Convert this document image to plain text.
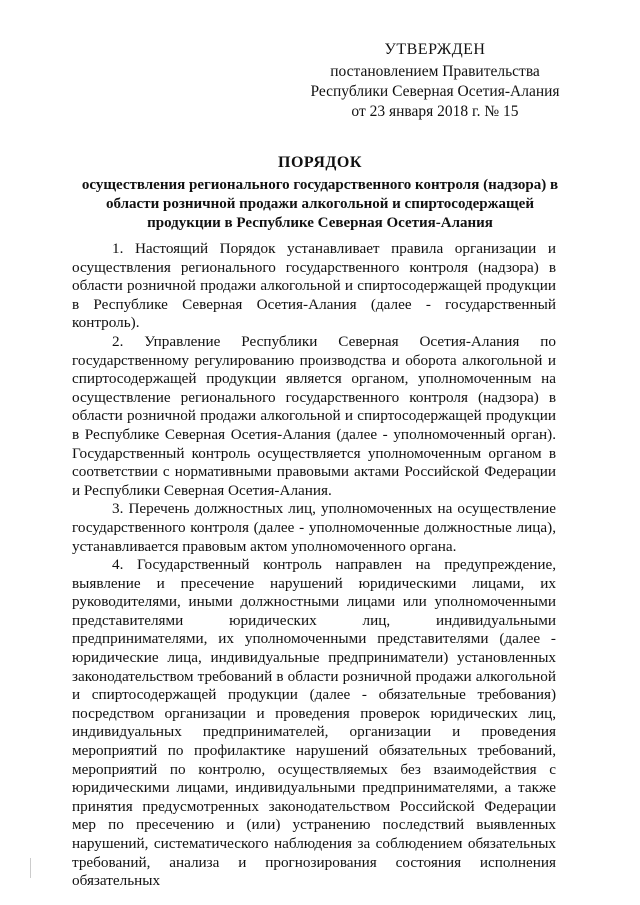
УТВЕРЖДЕН
постановлением Правительства
Республики Северная Осетия-Алания
от 23 января 2018 г. № 15
ПОРЯДОК
осуществления регионального государственного контроля (надзора) в области розничной продажи алкогольной и спиртосодержащей продукции в Республике Северная Осетия-Алания

1. Настоящий Порядок устанавливает правила организации и осуществления регионального государственного контроля (надзора) в области розничной продажи алкогольной и спиртосодержащей продукции в Республике Северная Осетия-Алания (далее - государственный контроль).

2. Управление Республики Северная Осетия-Алания по государственному регулированию производства и оборота алкогольной и спиртосодержащей продукции является органом, уполномоченным на осуществление регионального государственного контроля (надзора) в области розничной продажи алкогольной и спиртосодержащей продукции в Республике Северная Осетия-Алания (далее - уполномоченный орган). Государственный контроль осуществляется уполномоченным органом в соответствии с нормативными правовыми актами Российской Федерации и Республики Северная Осетия-Алания.

3. Перечень должностных лиц, уполномоченных на осуществление государственного контроля (далее - уполномоченные должностные лица), устанавливается правовым актом уполномоченного органа.

4. Государственный контроль направлен на предупреждение, выявление и пресечение нарушений юридическими лицами, их руководителями, иными должностными лицами или уполномоченными представителями юридических лиц, индивидуальными предпринимателями, их уполномоченными представителями (далее - юридические лица, индивидуальные предприниматели) установленных законодательством требований в области розничной продажи алкогольной и спиртосодержащей продукции (далее - обязательные требования) посредством организации и проведения проверок юридических лиц, индивидуальных предпринимателей, организации и проведения мероприятий по профилактике нарушений обязательных требований, мероприятий по контролю, осуществляемых без взаимодействия с юридическими лицами, индивидуальными предпринимателями, а также принятия предусмотренных законодательством Российской Федерации мер по пресечению и (или) устранению последствий выявленных нарушений, систематического наблюдения за соблюдением обязательных требований, анализа и прогнозирования состояния исполнения обязательных
